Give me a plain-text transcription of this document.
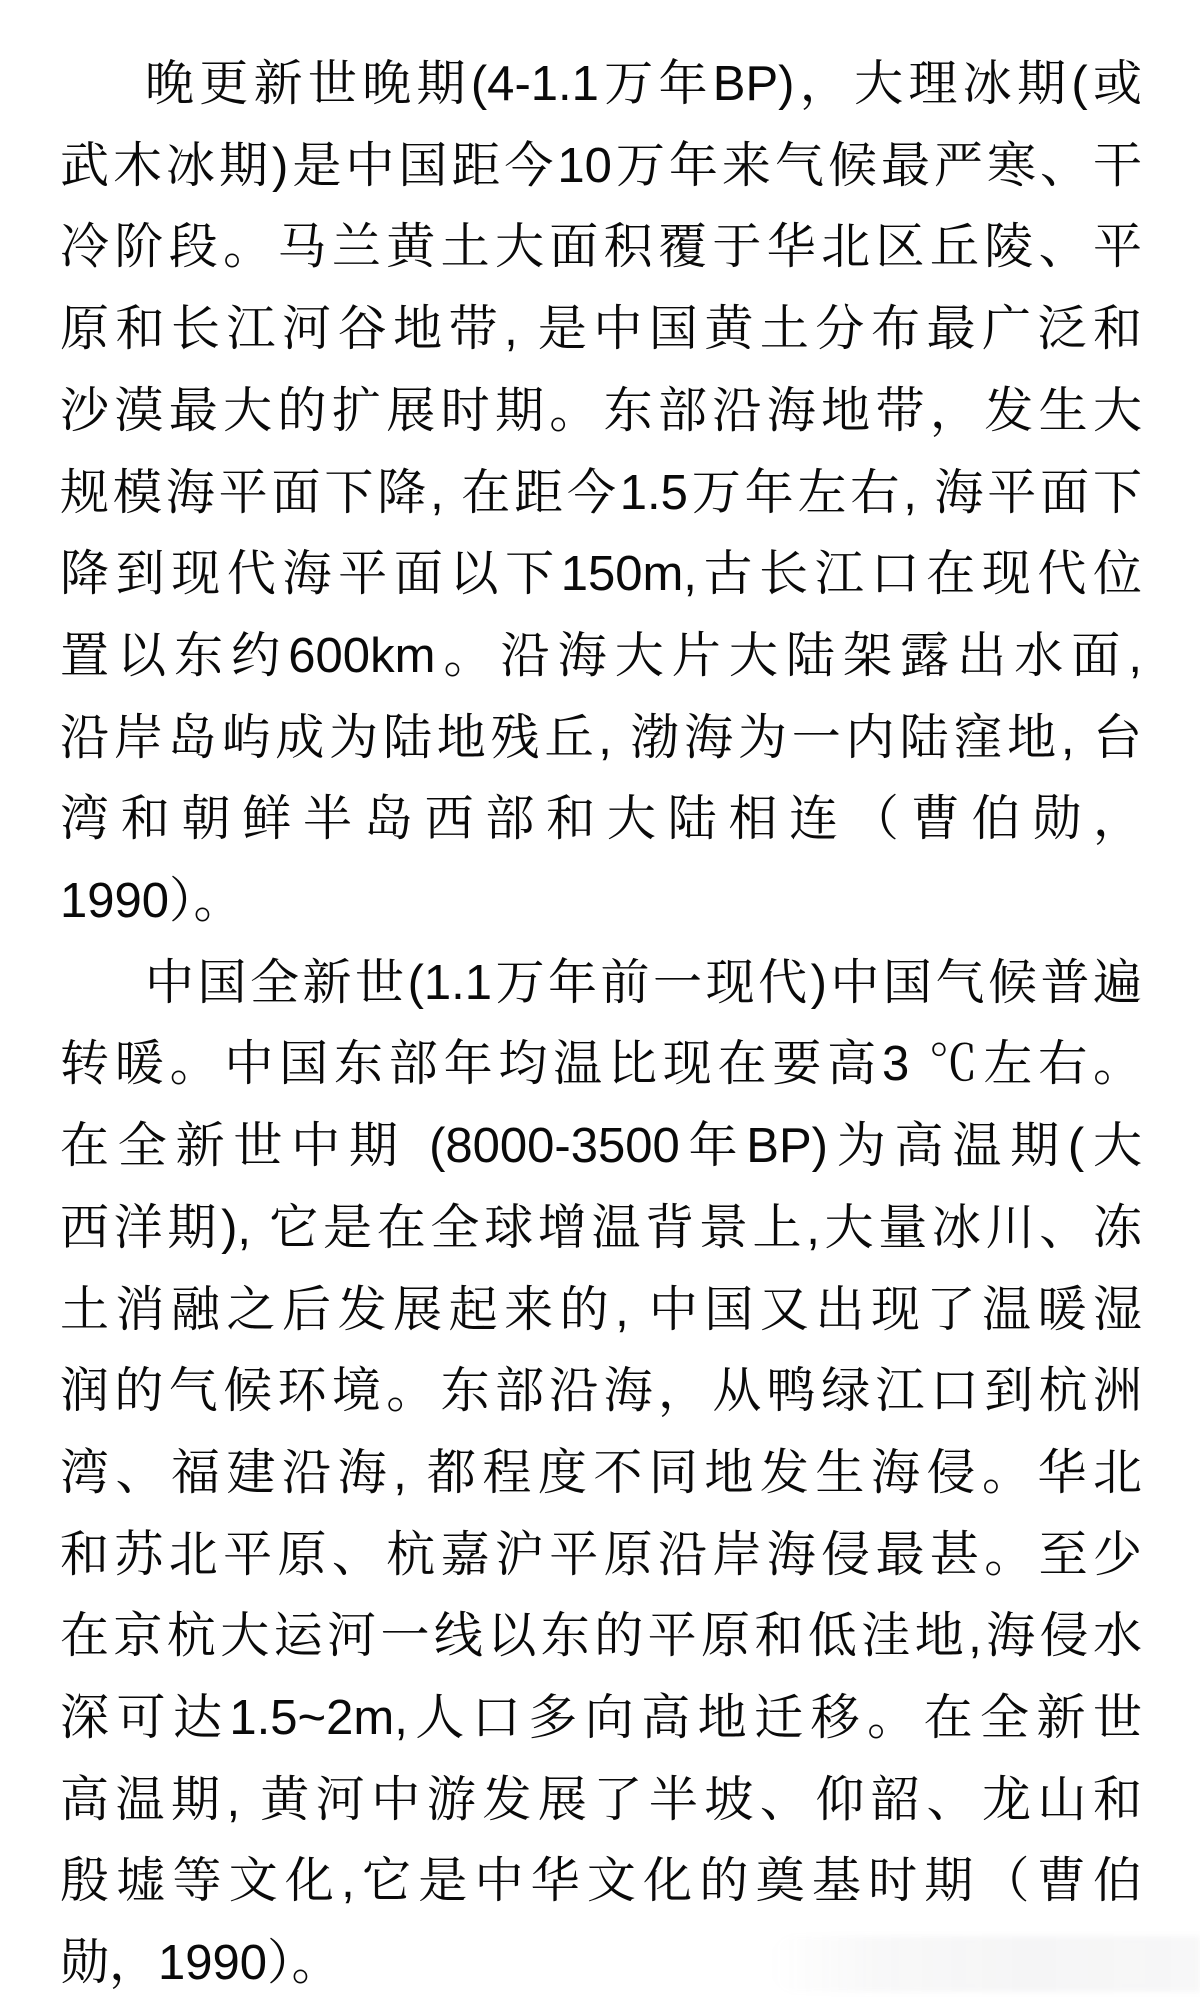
晚更新世晚期(4-1.1万年BP)，大理冰期(或
武木冰期)是中国距今10万年来气候最严寒、干
冷阶段。马兰黄土大面积覆于华北区丘陵、平
原和长江河谷地带, 是中国黄土分布最广泛和
沙漠最大的扩展时期。东部沿海地带，发生大
规模海平面下降, 在距今1.5万年左右, 海平面下
降到现代海平面以下150m,古长江口在现代位
置以东约600km。沿海大片大陆架露出水面,
沿岸岛屿成为陆地残丘, 渤海为一内陆窪地, 台
湾和朝鲜半岛西部和大陆相连（曹伯勋，
1990）。
中国全新世(1.1万年前一现代)中国气候普遍
转暖。中国东部年均温比现在要高3 ℃左右。
在全新世中期 (8000-3500年BP)为高温期(大
西洋期), 它是在全球增温背景上,大量冰川、冻
土消融之后发展起来的, 中国又出现了温暖湿
润的气候环境。东部沿海，从鸭绿江口到杭洲
湾、福建沿海, 都程度不同地发生海侵。华北
和苏北平原、杭嘉沪平原沿岸海侵最甚。至少
在京杭大运河一线以东的平原和低洼地,海侵水
深可达1.5~2m,人口多向高地迁移。在全新世
高温期, 黄河中游发展了半坡、仰韶、龙山和
殷墟等文化,它是中华文化的奠基时期（曹伯
勋，1990）。
